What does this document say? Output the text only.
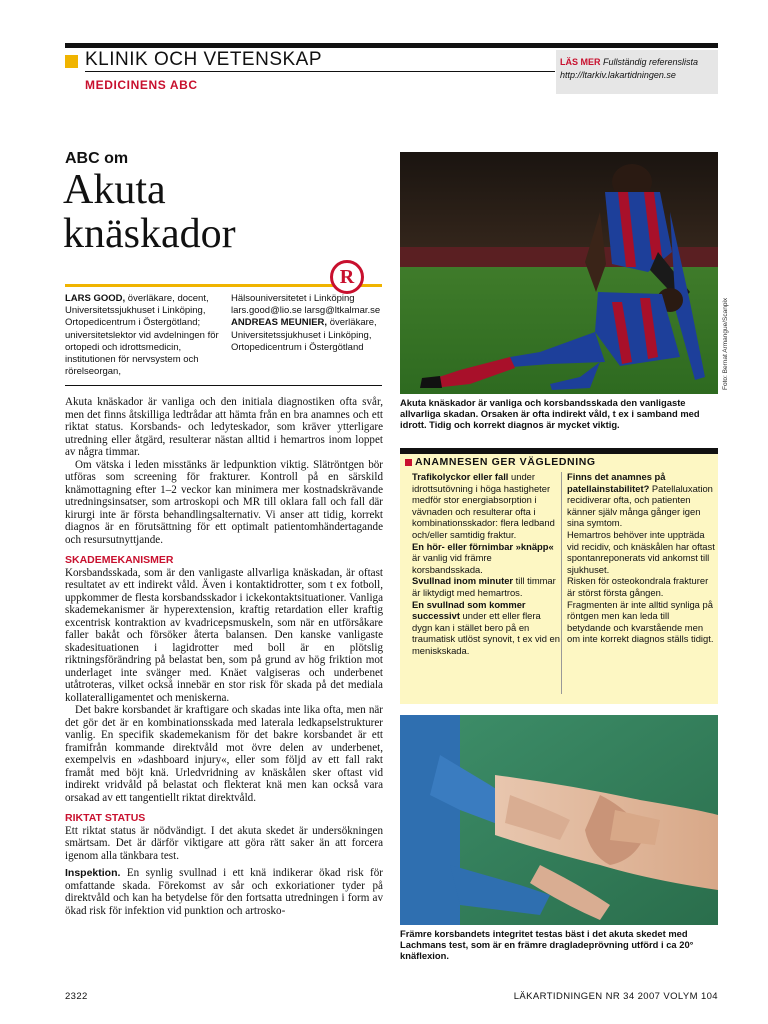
KLINIK OCH VETENSKAP
MEDICINENS ABC
LÄS MER Fullständig referenslista
http://ltarkiv.lakartidningen.se
ABC om
Akuta
knäskador
R
LARS GOOD, överläkare, docent, Universitetssjukhuset i Linköping, Ortopedicentrum i Östergötland; universitetslektor vid avdelningen för ortopedi och idrottsmedicin, institutionen för nervsystem och rörelseorgan,
Hälsouniversitetet i Linköping lars.good@lio.se larsg@ltkalmar.se
ANDREAS MEUNIER, överläkare, Universitetssjukhuset i Linköping, Ortopedicentrum i Östergötland

Akuta knäskador är vanliga och den initiala diagnostiken ofta svår, men det finns åtskilliga ledtrådar att hämta från en bra anamnes och ett riktat status. Korsbands- och ledyteskador, som kräver ytterligare utredning eller åtgärd, resulterar nästan alltid i hemartros inom loppet av några timmar.

Om vätska i leden misstänks är ledpunktion viktig. Slätröntgen bör utföras som screening för frakturer. Kontroll på en särskild knämottagning efter 1–2 veckor kan minimera mer kostnadskrävande utredningsinsatser, som artroskopi och MR till oklara fall och fall där kirurgi inte är första behandlingsalternativ. Vi anser att tidig, korrekt diagnos är en förutsättning för ett optimalt patientomhändertagande och resursutnyttjande.

SKADEMEKANISMER

Korsbandsskada, som är den vanligaste allvarliga knäskadan, är oftast resultatet av ett indirekt våld. Även i kontaktidrotter, som t ex fotboll, uppkommer de flesta korsbandsskador i ickekontaktsituationer. Vanliga skademekanismer är hyperextension, kraftig retardation eller kraftig excentrisk kontraktion av kvadricepsmuskeln, som när en utförsåkare faller bakåt och försöker återta balansen. Den kanske vanligaste skadesituationen i lagidrotter med boll är en plötslig riktningsförändring på belastat ben, som på grund av hög friktion mot underlaget inte svänger med. Knäet valgiseras och underbenet utåtroteras, vilket också innebär en stor risk för skada på det mediala kollateralligamentet och meniskerna.

Det bakre korsbandet är kraftigare och skadas inte lika ofta, men när det gör det är en kombinationsskada med laterala ledkapselstrukturer vanlig. En specifik skademekanism för det bakre korsbandet är ett framifrån kommande direktvåld mot övre delen av underbenet, exempelvis en »dashboard injury«, eller som följd av ett fall rakt framåt med böjt knä. Urledvridning av knäskålen sker oftast vid indirekt vridvåld på belastat och flekterat knä men kan också vara orsakad av ett tangentiellt riktat direktvåld.

RIKTAT STATUS

Ett riktat status är nödvändigt. I det akuta skedet är undersökningen smärtsam. Det är därför viktigare att göra rätt saker än att forcera igenom alla tänkbara test.

Inspektion. En synlig svullnad i ett knä indikerar ökad risk för omfattande skada. Förekomst av sår och exkoriationer tyder på direktvåld och kan ha betydelse för den fortsatta utredningen i form av ökad risk för infektion vid punktion och artrosko-

Foto: Bernat Armangue/Scanpix
Akuta knäskador är vanliga och korsbandsskada den vanligaste allvarliga skadan. Orsaken är ofta indirekt våld, t ex i samband med idrott. Tidig och korrekt diagnos är mycket viktig.
ANAMNESEN GER VÄGLEDNING
Trafikolyckor eller fall under idrottsutövning i höga hastigheter medför stor energiabsorption i vävnaden och resulterar ofta i kombinationsskador: flera ledband och/eller samtidig fraktur.
En hör- eller förnimbar »knäpp« är vanlig vid främre korsbandsskada.
Svullnad inom minuter till timmar är liktydigt med hemartros.
En svullnad som kommer successivt under ett eller flera dygn kan i stället bero på en traumatisk utlöst synovit, t ex vid en meniskskada.
Finns det anamnes på patellainstabilitet? Patellaluxation recidiverar ofta, och patienten känner själv många gånger igen sina symtom.
Hemartros behöver inte uppträda vid recidiv, och knäskålen har oftast spontanreponerats vid ankomst till sjukhuset.
Risken för osteokondrala frakturer är störst första gången. Fragmenten är inte alltid synliga på röntgen men kan leda till betydande och kvarstående men om inte korrekt diagnos ställs tidigt.
Främre korsbandets integritet testas bäst i det akuta skedet med Lachmans test, som är en främre dragladeprövning utförd i ca 20° knäflexion.
2322	LÄKARTIDNINGEN NR 34 2007 VOLYM 104
